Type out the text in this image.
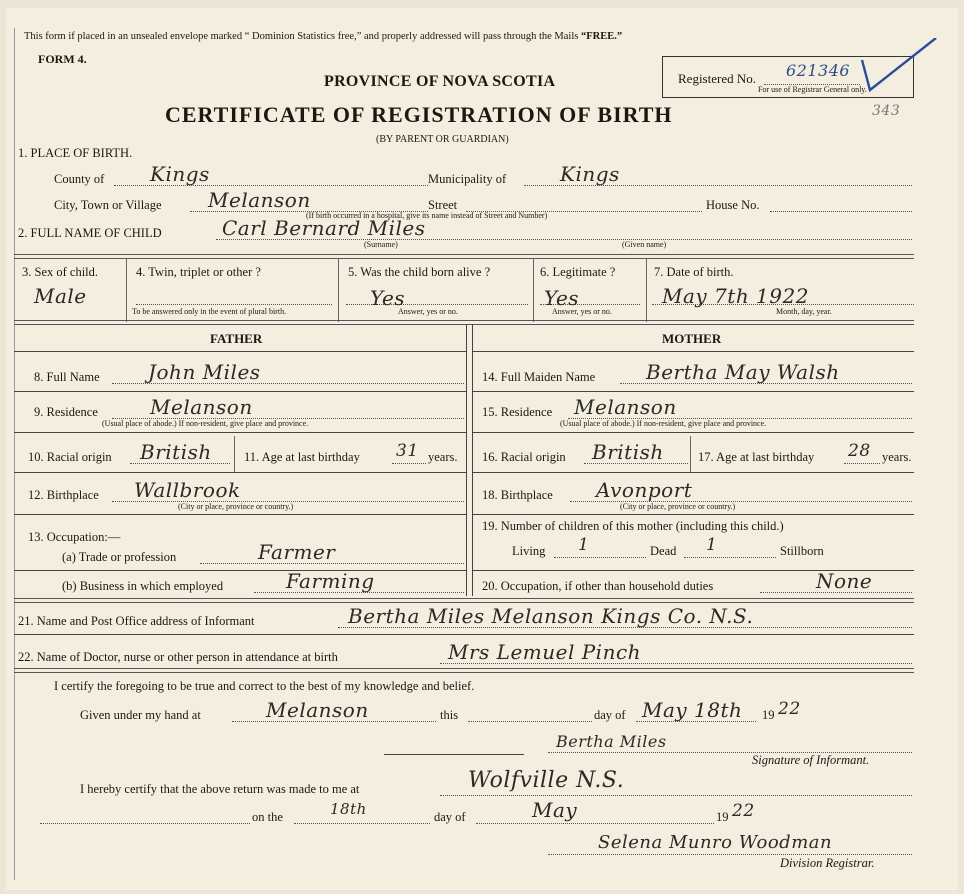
This form if placed in an unsealed envelope marked “ Dominion Statistics free,” and properly addressed will pass through the Mails “FREE.”
FORM 4.
PROVINCE OF NOVA SCOTIA
CERTIFICATE OF REGISTRATION OF BIRTH
(BY PARENT OR GUARDIAN)
Registered No. 621346
For use of Registrar General only.
343
1. PLACE OF BIRTH.
County of Kings	Municipality of	Kings
City, Town or Village Melanson	Street	House No.
(If birth occurred in a hospital, give its name instead of Street and Number)
2. FULL NAME OF CHILD	Carl Bernard Miles
(Surname)	(Given name)
3. Sex of child.
Male
4. Twin, triplet or other ?
To be answered only in the event of plural birth.
5. Was the child born alive ?
Yes
Answer, yes or no.
6. Legitimate ?
Yes
Answer, yes or no.
7. Date of birth.
May 7th 1922
Month, day, year.
FATHER	MOTHER
8. Full Name John Miles
9. Residence	Melanson
(Usual place of abode.) If non-resident, give place and province.
10. Racial origin British	11. Age at last birthday 31 years.
12. Birthplace Wallbrook
(City or place, province or country.)
13. Occupation:—
(a) Trade or profession	Farmer
(b) Business in which employed	Farming
14. Full Maiden Name	Bertha May Walsh
15. Residence Melanson
(Usual place of abode.) If non-resident, give place and province.
16. Racial origin British	17. Age at last birthday 28 years.
18. Birthplace Avonport
(City or place, province or country.)
19. Number of children of this mother (including this child.)
Living 1	Dead 1	Stillborn
20. Occupation, if other than household duties	None
21. Name and Post Office address of Informant	Bertha Miles Melanson Kings Co. N.S.
22. Name of Doctor, nurse or other person in attendance at birth	Mrs Lemuel Pinch
I certify the foregoing to be true and correct to the best of my knowledge and belief.
Given under my hand at	Melanson	this	day of May 18th 19 22
Bertha Miles
Signature of Informant.
I hereby certify that the above return was made to me at	Wolfville N.S.
on the	18th	day of	May	19 22
Selena Munro Woodman
Division Registrar.
